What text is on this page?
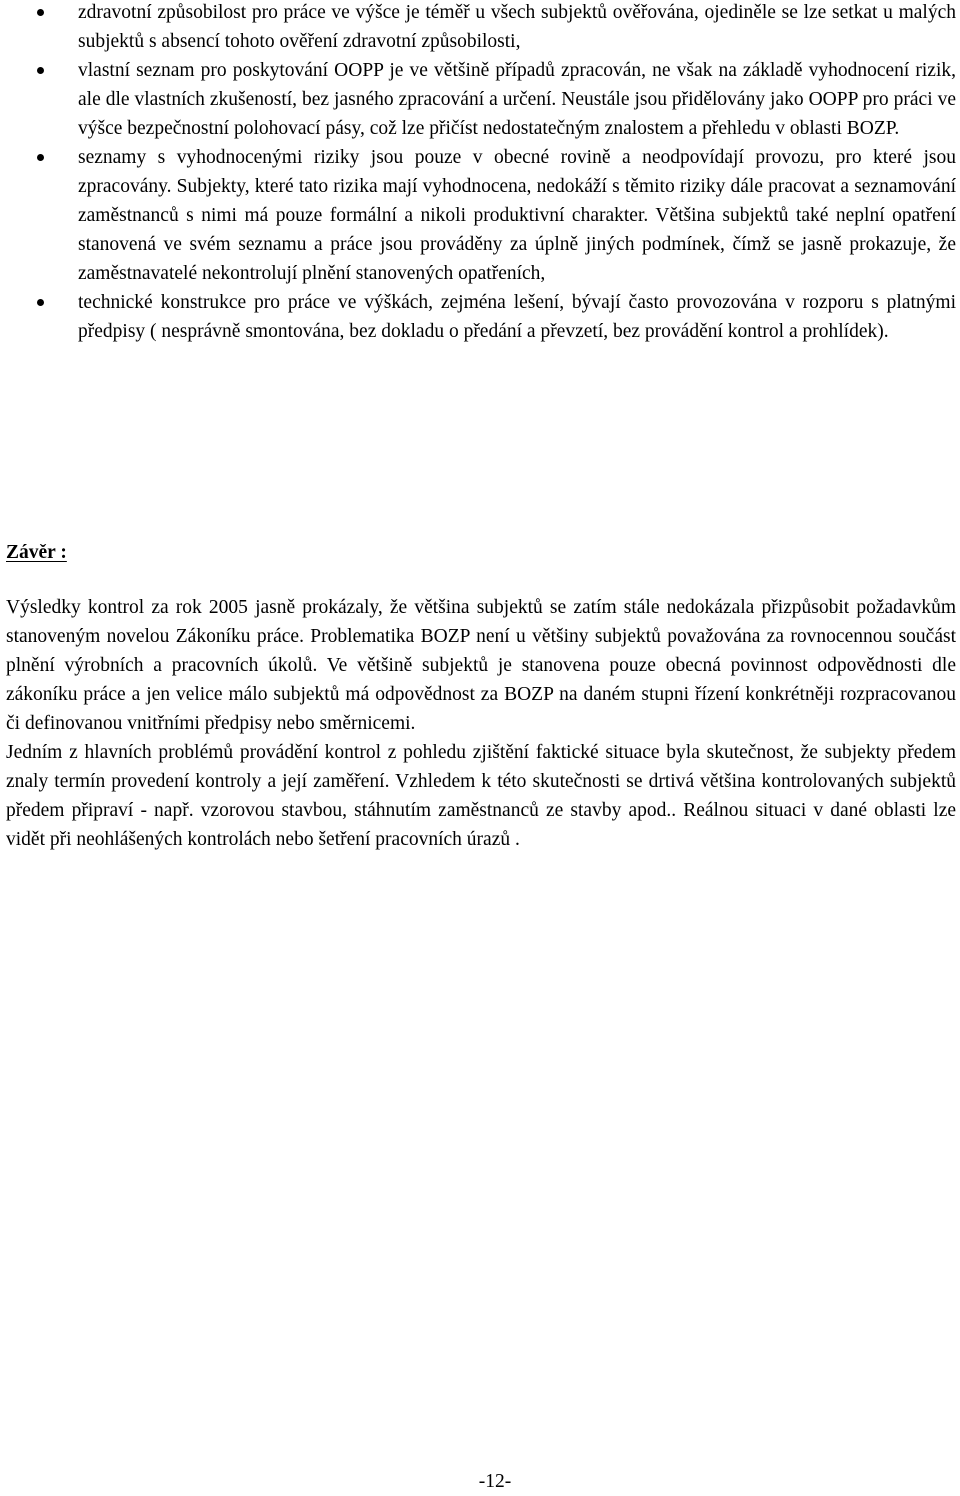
zdravotní způsobilost pro práce ve výšce je téměř u všech subjektů ověřována, ojediněle se lze setkat u malých subjektů s absencí tohoto ověření zdravotní způsobilosti,
vlastní seznam pro poskytování OOPP je ve většině případů zpracován, ne však na základě vyhodnocení rizik, ale dle vlastních zkušeností, bez jasného zpracování a určení. Neustále jsou přidělovány jako OOPP pro práci ve výšce bezpečnostní polohovací pásy, což lze přičíst nedostatečným znalostem a přehledu v oblasti BOZP.
seznamy s vyhodnocenými riziky jsou pouze v obecné rovině a neodpovídají provozu, pro které jsou zpracovány. Subjekty, které tato rizika mají vyhodnocena, nedokáží s těmito riziky dále pracovat a seznamování zaměstnanců s nimi má pouze formální a nikoli produktivní charakter. Většina subjektů také neplní opatření stanovená ve svém seznamu a práce jsou prováděny za úplně jiných podmínek, čímž se jasně prokazuje, že zaměstnavatelé nekontrolují plnění stanovených opatřeních,
technické konstrukce pro práce ve výškách, zejména lešení, bývají často provozována v rozporu s platnými předpisy ( nesprávně smontována, bez dokladu o předání a převzetí, bez provádění kontrol a prohlídek).
Závěr :

Výsledky kontrol za rok 2005 jasně prokázaly, že většina subjektů se zatím stále nedokázala přizpůsobit požadavkům stanoveným novelou Zákoníku práce. Problematika BOZP není u většiny subjektů považována za rovnocennou součást plnění výrobních a pracovních úkolů. Ve většině subjektů je stanovena pouze obecná povinnost odpovědnosti dle zákoníku práce a jen velice málo subjektů má odpovědnost za BOZP na daném stupni řízení konkrétněji rozpracovanou či definovanou vnitřními předpisy nebo směrnicemi.

Jedním z hlavních problémů provádění kontrol z pohledu zjištění faktické situace byla skutečnost, že subjekty předem znaly termín provedení kontroly a její zaměření. Vzhledem k této skutečnosti se drtivá většina kontrolovaných subjektů předem připraví - např. vzorovou stavbou, stáhnutím zaměstnanců ze stavby apod.. Reálnou situaci v dané oblasti lze vidět při neohlášených kontrolách nebo šetření pracovních úrazů .

-12-
